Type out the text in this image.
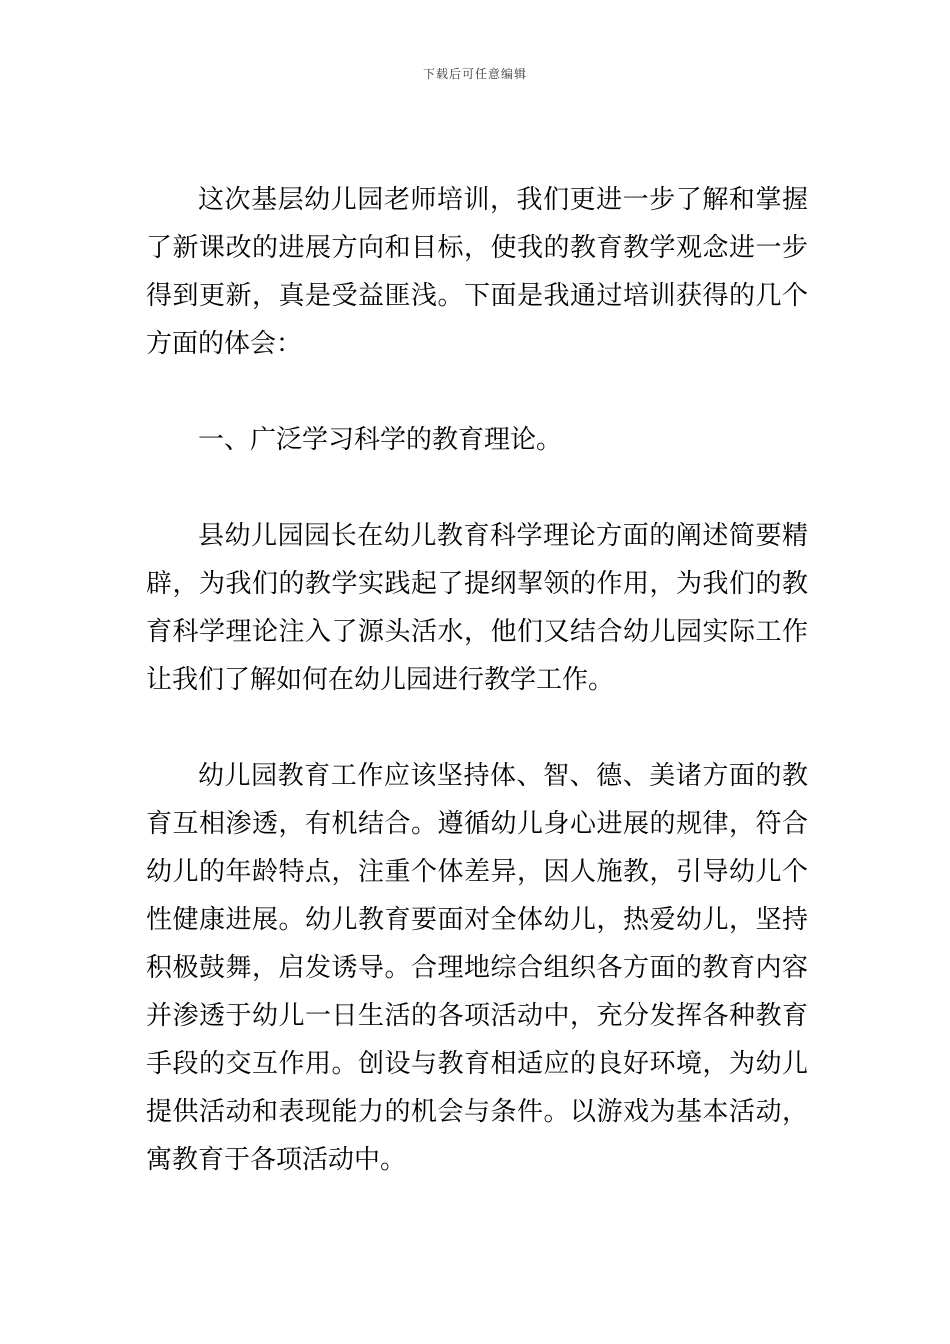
下载后可任意编辑

这次基层幼儿园老师培训，我们更进一步了解和掌握了新课改的进展方向和目标，使我的教育教学观念进一步得到更新，真是受益匪浅。下面是我通过培训获得的几个方面的体会：

一、广泛学习科学的教育理论。

县幼儿园园长在幼儿教育科学理论方面的阐述简要精辟，为我们的教学实践起了提纲挈领的作用，为我们的教育科学理论注入了源头活水，他们又结合幼儿园实际工作让我们了解如何在幼儿园进行教学工作。

幼儿园教育工作应该坚持体、智、德、美诸方面的教育互相渗透，有机结合。遵循幼儿身心进展的规律，符合幼儿的年龄特点，注重个体差异，因人施教，引导幼儿个性健康进展。幼儿教育要面对全体幼儿，热爱幼儿，坚持积极鼓舞，启发诱导。合理地综合组织各方面的教育内容并渗透于幼儿一日生活的各项活动中，充分发挥各种教育手段的交互作用。创设与教育相适应的良好环境，为幼儿提供活动和表现能力的机会与条件。以游戏为基本活动，寓教育于各项活动中。
